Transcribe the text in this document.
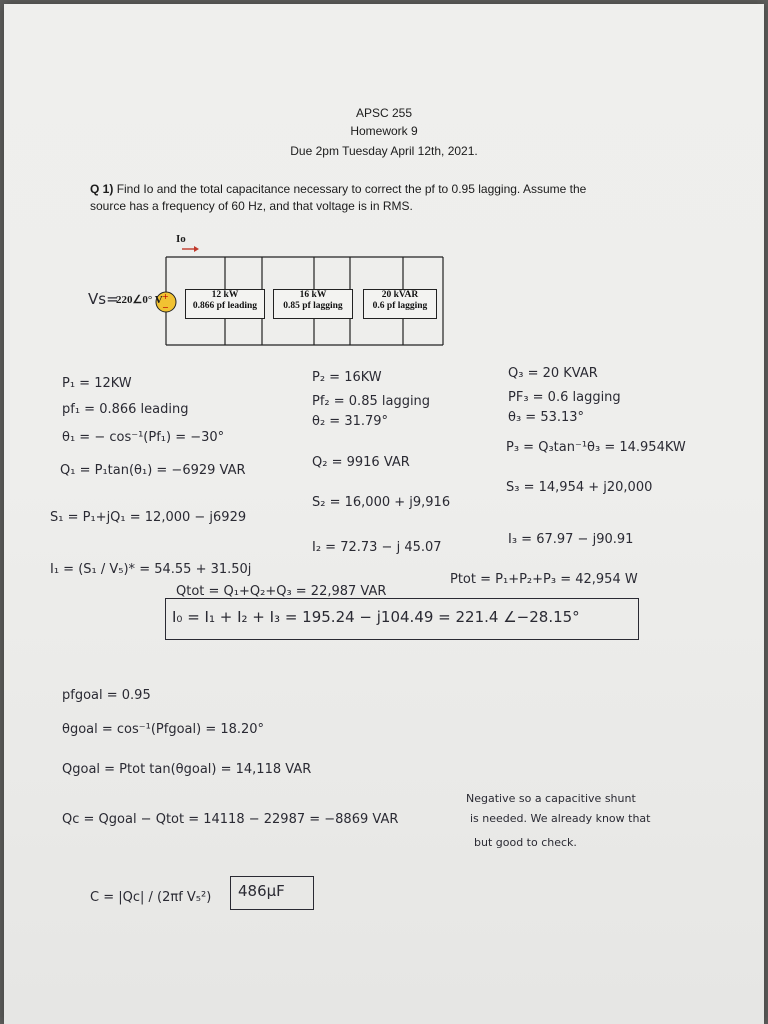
APSC 255
Homework 9
Due 2pm Tuesday April 12th, 2021.
Q 1) Find Io and the total capacitance necessary to correct the pf to 0.95 lagging. Assume the
source has a frequency of 60 Hz, and that voltage is in RMS.
+
−
Io
Vs=
220∠0° V	12 kW
0.866 pf leading
16 kW
0.85 pf lagging
20 kVAR
0.6 pf lagging
P₁ = 12KW
pf₁ = 0.866 leading
θ₁ = − cos⁻¹(Pf₁) = −30°
Q₁ = P₁tan(θ₁) = −6929 VAR
S₁ = P₁+jQ₁ = 12,000 − j6929
I₁ = (S₁ / V₅)* = 54.55 + 31.50j
P₂ = 16KW
Pf₂ = 0.85 lagging
θ₂ = 31.79°
Q₂ = 9916 VAR
S₂ = 16,000 + j9,916
I₂ = 72.73 − j 45.07
Q₃ = 20 KVAR
PF₃ = 0.6 lagging
θ₃ = 53.13°
P₃ = Q₃tan⁻¹θ₃ = 14.954KW
S₃ = 14,954 + j20,000
I₃ = 67.97 − j90.91
Qtot = Q₁+Q₂+Q₃ = 22,987 VAR
Ptot = P₁+P₂+P₃ = 42,954 W
I₀ = I₁ + I₂ + I₃ = 195.24 − j104.49 = 221.4 ∠−28.15°
pfgoal = 0.95
θgoal = cos⁻¹(Pfgoal) = 18.20°
Qgoal = Ptot tan(θgoal) = 14,118 VAR
Qc = Qgoal − Qtot = 14118 − 22987 = −8869 VAR
Negative so a capacitive shunt
is needed. We already know that
but good to check.
C = |Qc| / (2πf V₅²) 486μF
